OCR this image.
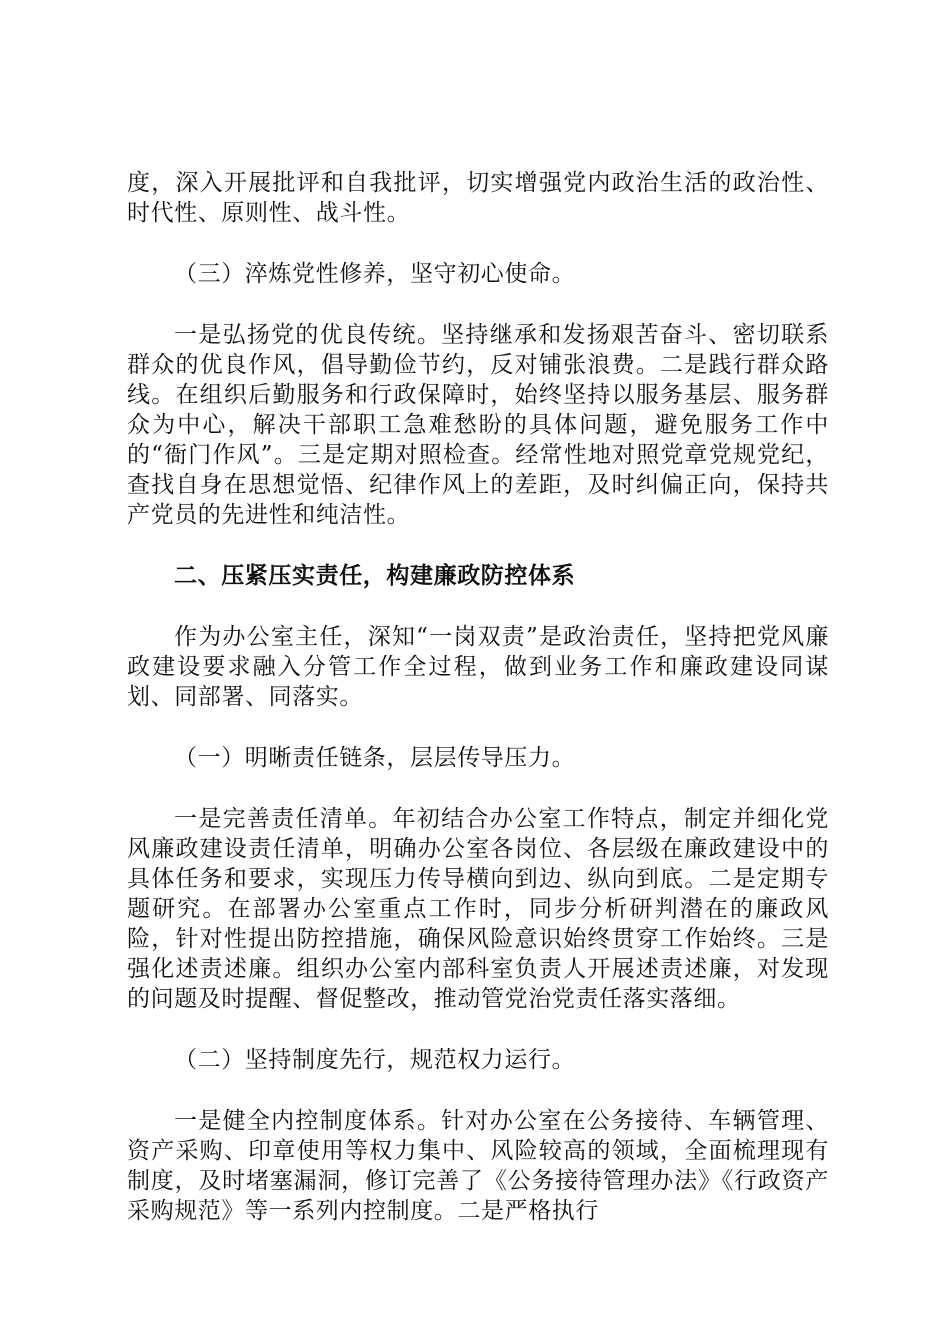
度，深入开展批评和自我批评，切实增强党内政治生活的政治性、时代性、原则性、战斗性。

（三）淬炼党性修养，坚守初心使命。

一是弘扬党的优良传统。坚持继承和发扬艰苦奋斗、密切联系群众的优良作风，倡导勤俭节约，反对铺张浪费。二是践行群众路线。在组织后勤服务和行政保障时，始终坚持以服务基层、服务群众为中心，解决干部职工急难愁盼的具体问题，避免服务工作中的“衙门作风”。三是定期对照检查。经常性地对照党章党规党纪，查找自身在思想觉悟、纪律作风上的差距，及时纠偏正向，保持共产党员的先进性和纯洁性。

二、压紧压实责任，构建廉政防控体系

作为办公室主任，深知“一岗双责”是政治责任，坚持把党风廉政建设要求融入分管工作全过程，做到业务工作和廉政建设同谋划、同部署、同落实。

（一）明晰责任链条，层层传导压力。

一是完善责任清单。年初结合办公室工作特点，制定并细化党风廉政建设责任清单，明确办公室各岗位、各层级在廉政建设中的具体任务和要求，实现压力传导横向到边、纵向到底。二是定期专题研究。在部署办公室重点工作时，同步分析研判潜在的廉政风险，针对性提出防控措施，确保风险意识始终贯穿工作始终。三是强化述责述廉。组织办公室内部科室负责人开展述责述廉，对发现的问题及时提醒、督促整改，推动管党治党责任落实落细。

（二）坚持制度先行，规范权力运行。

一是健全内控制度体系。针对办公室在公务接待、车辆管理、资产采购、印章使用等权力集中、风险较高的领域，全面梳理现有制度，及时堵塞漏洞，修订完善了《公务接待管理办法》《行政资产采购规范》等一系列内控制度。二是严格执行
